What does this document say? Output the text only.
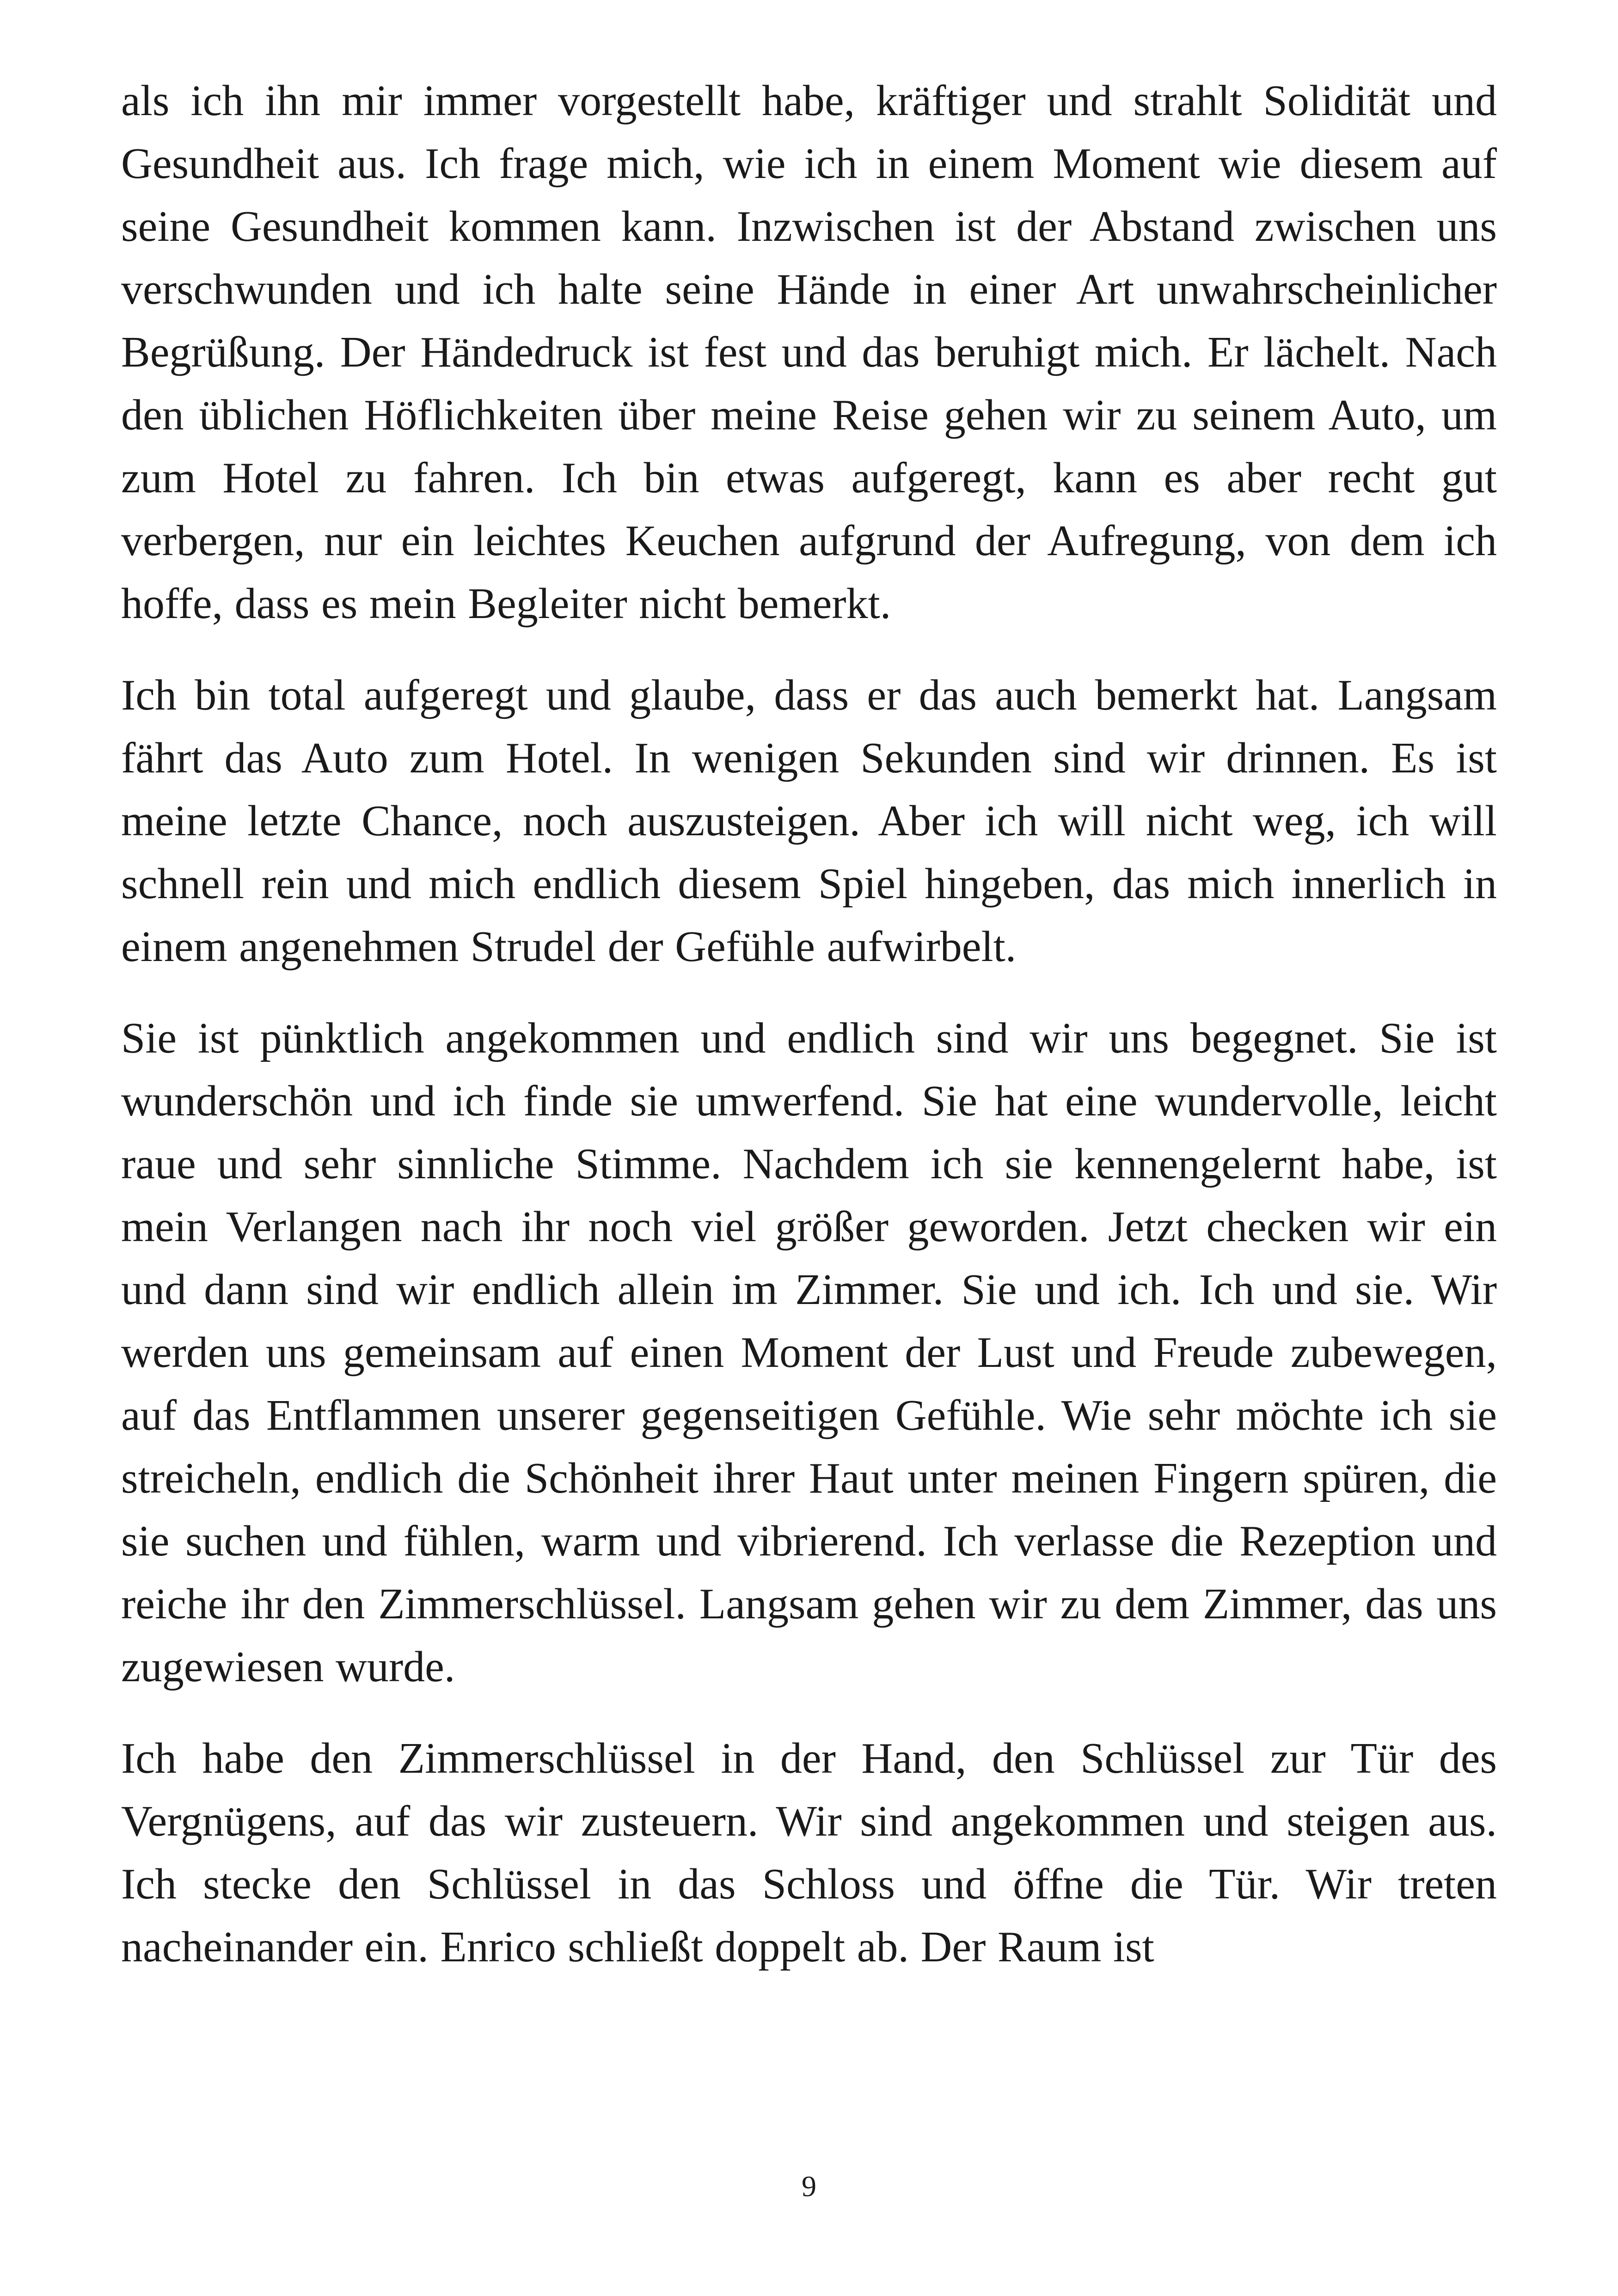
als ich ihn mir immer vorgestellt habe, kräftiger und strahlt Solidität und Gesundheit aus. Ich frage mich, wie ich in einem Moment wie diesem auf seine Gesundheit kommen kann. Inzwischen ist der Abstand zwischen uns verschwunden und ich halte seine Hände in einer Art unwahrscheinlicher Begrüßung. Der Händedruck ist fest und das beruhigt mich. Er lächelt. Nach den üblichen Höflichkeiten über meine Reise gehen wir zu seinem Auto, um zum Hotel zu fahren. Ich bin etwas aufgeregt, kann es aber recht gut verbergen, nur ein leichtes Keuchen aufgrund der Aufregung, von dem ich hoffe, dass es mein Begleiter nicht bemerkt.

Ich bin total aufgeregt und glaube, dass er das auch bemerkt hat. Langsam fährt das Auto zum Hotel. In wenigen Sekunden sind wir drinnen. Es ist meine letzte Chance, noch auszusteigen. Aber ich will nicht weg, ich will schnell rein und mich endlich diesem Spiel hingeben, das mich innerlich in einem angenehmen Strudel der Gefühle aufwirbelt.

Sie ist pünktlich angekommen und endlich sind wir uns begegnet. Sie ist wunderschön und ich finde sie umwerfend. Sie hat eine wundervolle, leicht raue und sehr sinnliche Stimme. Nachdem ich sie kennengelernt habe, ist mein Verlangen nach ihr noch viel größer geworden. Jetzt checken wir ein und dann sind wir endlich allein im Zimmer. Sie und ich. Ich und sie. Wir werden uns gemeinsam auf einen Moment der Lust und Freude zubewegen, auf das Entflammen unserer gegenseitigen Gefühle. Wie sehr möchte ich sie streicheln, endlich die Schönheit ihrer Haut unter meinen Fingern spüren, die sie suchen und fühlen, warm und vibrierend. Ich verlasse die Rezeption und reiche ihr den Zimmerschlüssel. Langsam gehen wir zu dem Zimmer, das uns zugewiesen wurde.

Ich habe den Zimmerschlüssel in der Hand, den Schlüssel zur Tür des Vergnügens, auf das wir zusteuern. Wir sind angekommen und steigen aus. Ich stecke den Schlüssel in das Schloss und öffne die Tür. Wir treten nacheinander ein. Enrico schließt doppelt ab. Der Raum ist

9
